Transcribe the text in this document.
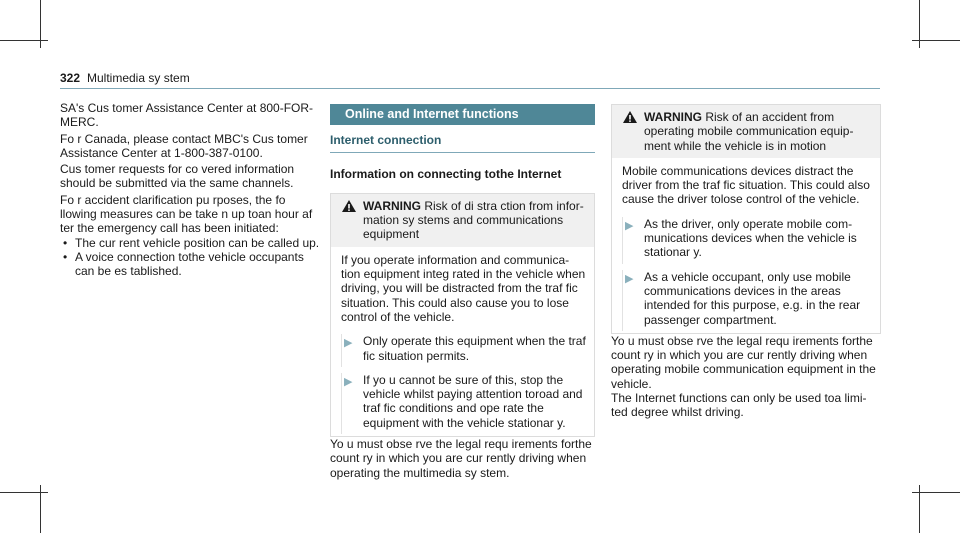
322 Multimedia sy stem

SA's Cus tomer Assistance Center at 800-FOR-MERC.

Fo r Canada, please contact MBC's Cus tomer Assistance Center at 1-800-387-0100.

Cus tomer requests for co vered information should be submitted via the same channels.

Fo r accident clarification pu rposes, the fo llowing measures can be take n up toan hour af ter the emergency call has been initiated:

• The cur rent vehicle position can be called up.
• A voice connection tothe vehicle occupants can be es tablished.
Online and Internet functions
Internet connection
Information on connecting tothe Internet
WARNING Risk of di stra ction from infor‐ mation sy stems and communications equipment

If you operate information and communica‐ tion equipment integ rated in the vehicle when driving, you will be distracted from the traf fic situation. This could also cause you to lose control of the vehicle.

▶ Only operate this equipment when the traf fic situation permits.
▶ If yo u cannot be sure of this, stop the vehicle whilst paying attention toroad and traf fic conditions and ope rate the equipment with the vehicle stationar y.

Yo u must obse rve the legal requ irements forthe count ry in which you are cur rently driving when operating the multimedia sy stem.

WARNING Risk of an accident from operating mobile communication equip‐ ment while the vehicle is in motion

Mobile communications devices distract the driver from the traf fic situation. This could also cause the driver tolose control of the vehicle.

▶ As the driver, only operate mobile com‐ munications devices when the vehicle is stationar y.
▶ As a vehicle occupant, only use mobile communications devices in the areas intended for this purpose, e.g. in the rear passenger compartment.

Yo u must obse rve the legal requ irements forthe count ry in which you are cur rently driving when operating mobile communication equipment in the vehicle.

The Internet functions can only be used toa limi‐ ted degree whilst driving.
